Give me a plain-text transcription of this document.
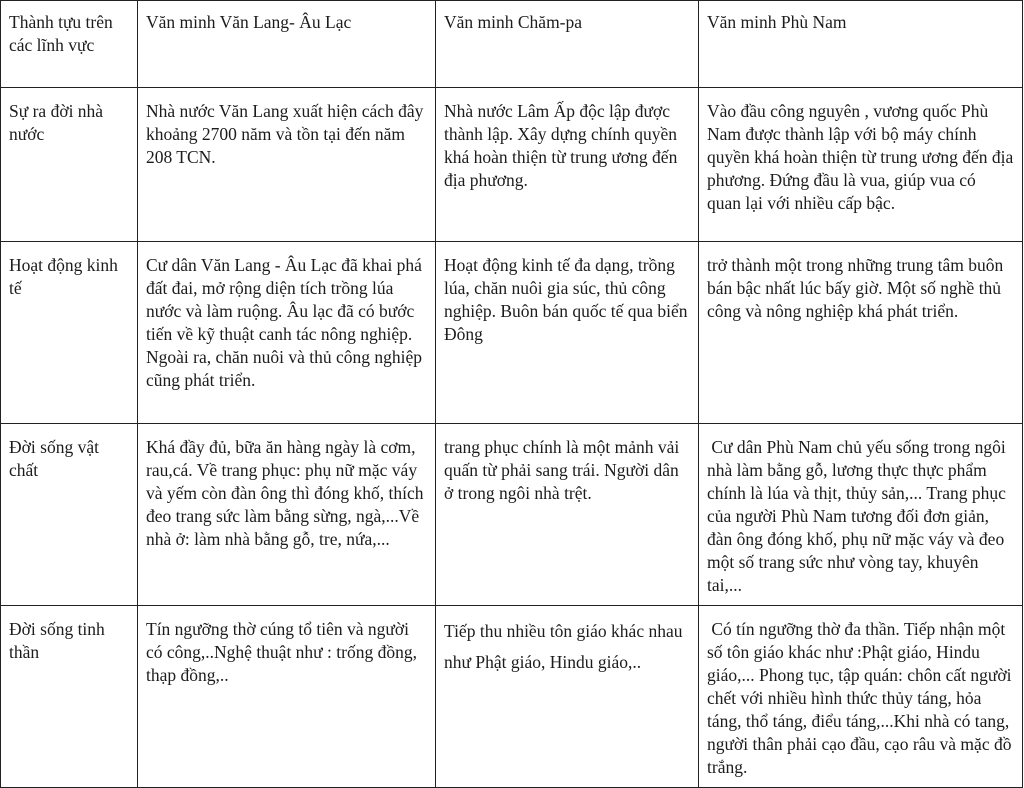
Thành tựu trên các lĩnh vực	Văn minh Văn Lang- Âu Lạc	Văn minh Chăm-pa	Văn minh Phù Nam
Sự ra đời nhà nước	Nhà nước Văn Lang xuất hiện cách đây khoảng 2700 năm và tồn tại đến năm 208 TCN.	Nhà nước Lâm Ấp độc lập được thành lập. Xây dựng chính quyền khá hoàn thiện từ trung ương đến địa phương.	Vào đầu công nguyên , vương quốc Phù Nam được thành lập với bộ máy chính quyền khá hoàn thiện từ trung ương đến địa phương. Đứng đầu là vua, giúp vua có quan lại với nhiều cấp bậc.
Hoạt động kinh tế	Cư dân Văn Lang - Âu Lạc đã khai phá đất đai, mở rộng diện tích trồng lúa nước và làm ruộng. Âu lạc đã có bước tiến về kỹ thuật canh tác nông nghiệp. Ngoài ra, chăn nuôi và thủ công nghiệp cũng phát triển.	Hoạt động kinh tế đa dạng, trồng lúa, chăn nuôi gia súc, thủ công nghiệp. Buôn bán quốc tế qua biển Đông	trở thành một trong những trung tâm buôn bán bậc nhất lúc bấy giờ. Một số nghề thủ công và nông nghiệp khá phát triển.
Đời sống vật chất	Khá đầy đủ, bữa ăn hàng ngày là cơm, rau,cá. Về trang phục: phụ nữ mặc váy và yếm còn đàn ông thì đóng khố, thích đeo trang sức làm bằng sừng, ngà,...Về nhà ở: làm nhà bằng gỗ, tre, nứa,...	trang phục chính là một mảnh vải quấn từ phải sang trái. Người dân ở trong ngôi nhà trệt.	Cư dân Phù Nam chủ yếu sống trong ngôi nhà làm bằng gỗ, lương thực thực phẩm chính là lúa và thịt, thủy sản,... Trang phục của người Phù Nam tương đối đơn giản, đàn ông đóng khố, phụ nữ mặc váy và đeo một số trang sức như vòng tay, khuyên tai,...
Đời sống tinh thần	Tín ngưỡng thờ cúng tổ tiên và người có công,..Nghệ thuật như : trống đồng, thạp đồng,..	Tiếp thu nhiều tôn giáo khác nhau như Phật giáo, Hindu giáo,..	Có tín ngưỡng thờ đa thần. Tiếp nhận một số tôn giáo khác như :Phật giáo, Hindu giáo,... Phong tục, tập quán: chôn cất người chết với nhiều hình thức thủy táng, hỏa táng, thổ táng, điểu táng,...Khi nhà có tang, người thân phải cạo đầu, cạo râu và mặc đồ trắng.
